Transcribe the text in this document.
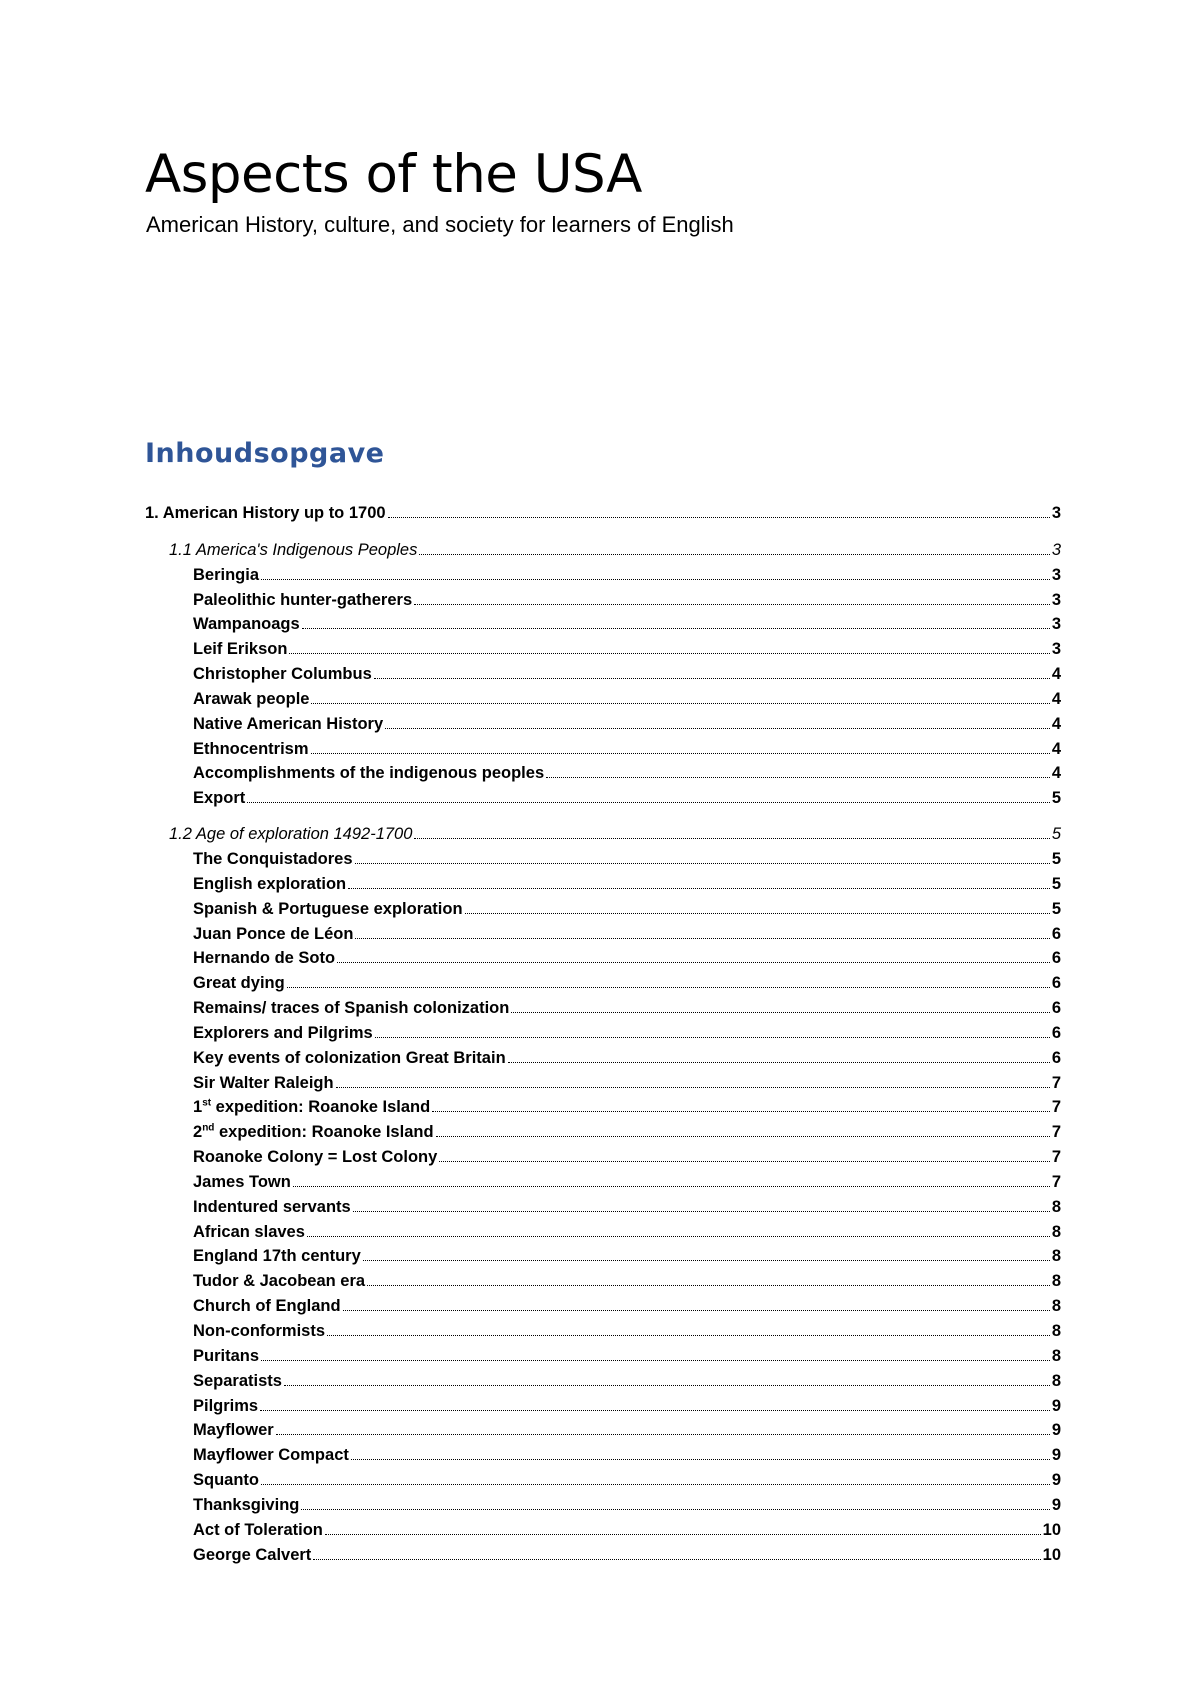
Aspects of the USA

American History, culture, and society for learners of English

Inhoudsopgave
1. American History up to 1700	3
1.1 America's Indigenous Peoples	3
Beringia	3
Paleolithic hunter-gatherers	3
Wampanoags	3
Leif Erikson	3
Christopher Columbus	4
Arawak people	4
Native American History	4
Ethnocentrism	4
Accomplishments of the indigenous peoples	4
Export	5
1.2 Age of exploration 1492-1700	5
The Conquistadores	5
English exploration	5
Spanish & Portuguese exploration	5
Juan Ponce de Léon	6
Hernando de Soto	6
Great dying	6
Remains/ traces of Spanish colonization	6
Explorers and Pilgrims	6
Key events of colonization Great Britain	6
Sir Walter Raleigh	7
1st expedition: Roanoke Island	7
2nd expedition: Roanoke Island	7
Roanoke Colony = Lost Colony	7
James Town	7
Indentured servants	8
African slaves	8
England 17th century	8
Tudor & Jacobean era	8
Church of England	8
Non-conformists	8
Puritans	8
Separatists	8
Pilgrims	9
Mayflower	9
Mayflower Compact	9
Squanto	9
Thanksgiving	9
Act of Toleration	10
George Calvert	10
